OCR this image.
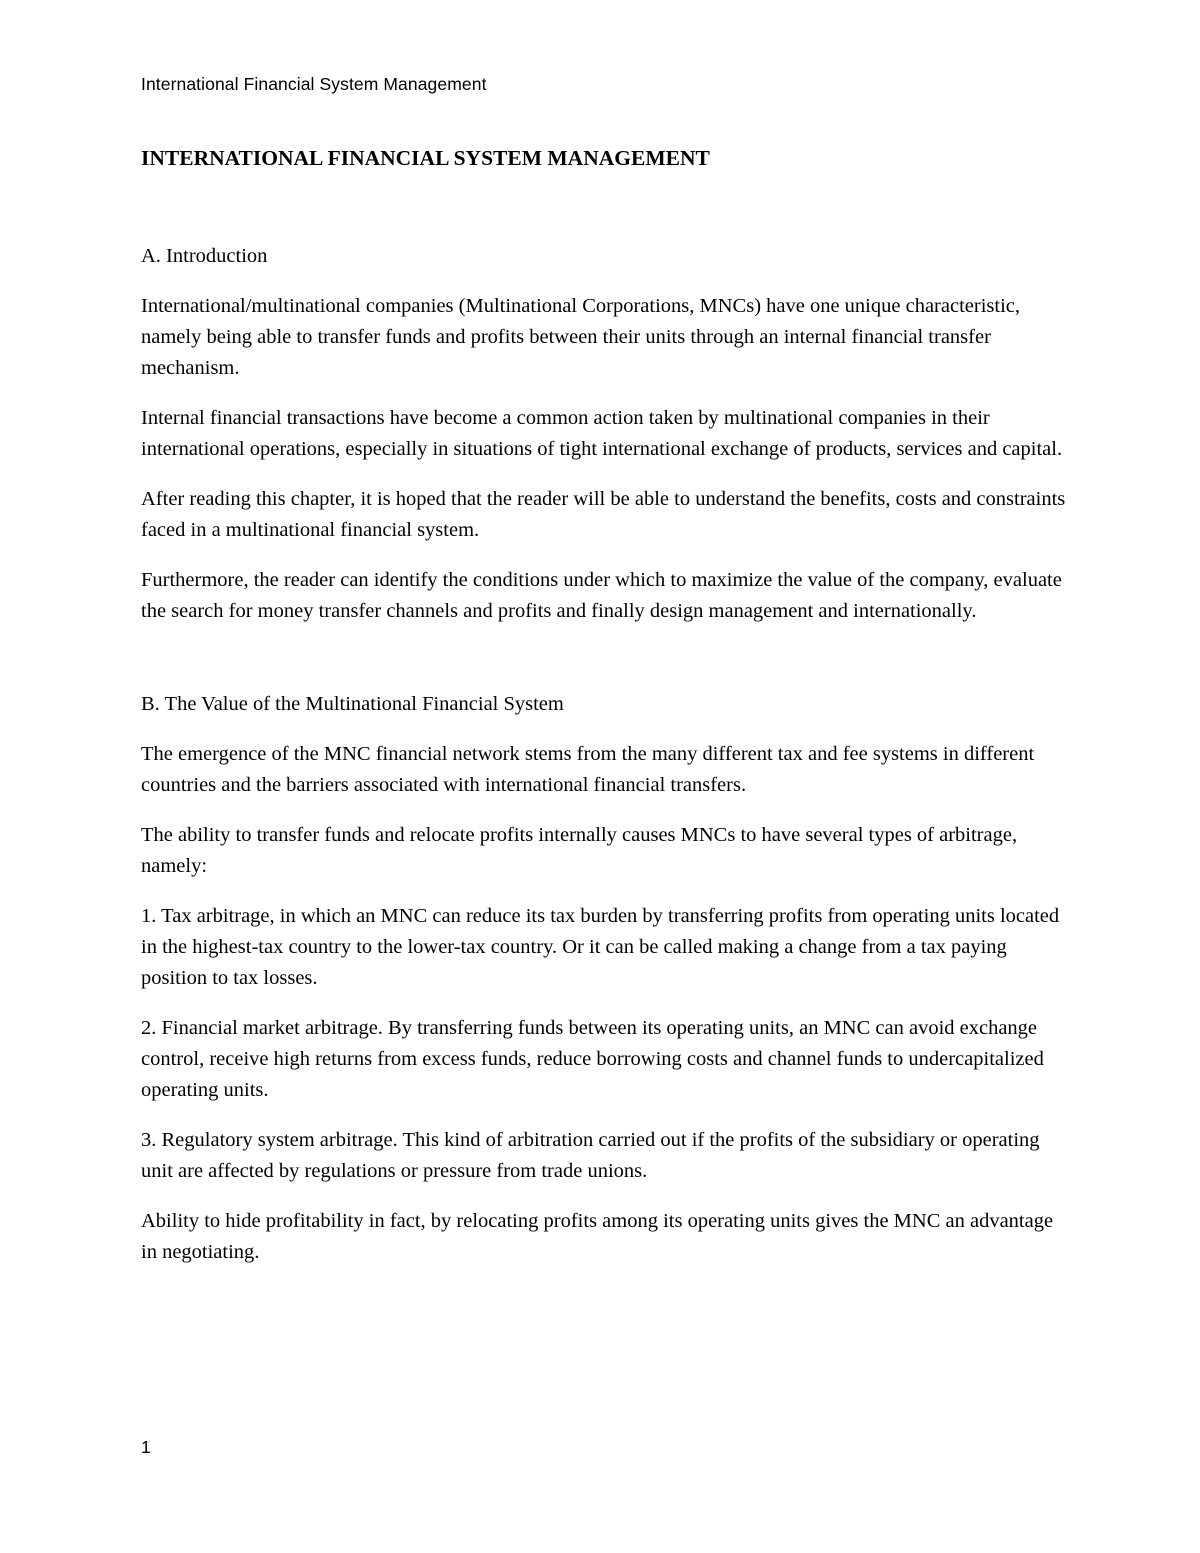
International Financial System Management
INTERNATIONAL FINANCIAL SYSTEM MANAGEMENT
A. Introduction

International/multinational companies (Multinational Corporations, MNCs) have one unique characteristic, namely being able to transfer funds and profits between their units through an internal financial transfer mechanism.

Internal financial transactions have become a common action taken by multinational companies in their international operations, especially in situations of tight international exchange of products, services and capital.

After reading this chapter, it is hoped that the reader will be able to understand the benefits, costs and constraints faced in a multinational financial system.

Furthermore, the reader can identify the conditions under which to maximize the value of the company, evaluate the search for money transfer channels and profits and finally design management and internationally.

B. The Value of the Multinational Financial System

The emergence of the MNC financial network stems from the many different tax and fee systems in different countries and the barriers associated with international financial transfers.

The ability to transfer funds and relocate profits internally causes MNCs to have several types of arbitrage, namely:

1. Tax arbitrage, in which an MNC can reduce its tax burden by transferring profits from operating units located in the highest-tax country to the lower-tax country. Or it can be called making a change from a tax paying position to tax losses.

2. Financial market arbitrage. By transferring funds between its operating units, an MNC can avoid exchange control, receive high returns from excess funds, reduce borrowing costs and channel funds to undercapitalized operating units.

3. Regulatory system arbitrage. This kind of arbitration carried out if the profits of the subsidiary or operating unit are affected by regulations or pressure from trade unions.

Ability to hide profitability in fact, by relocating profits among its operating units gives the MNC an advantage in negotiating.

1
